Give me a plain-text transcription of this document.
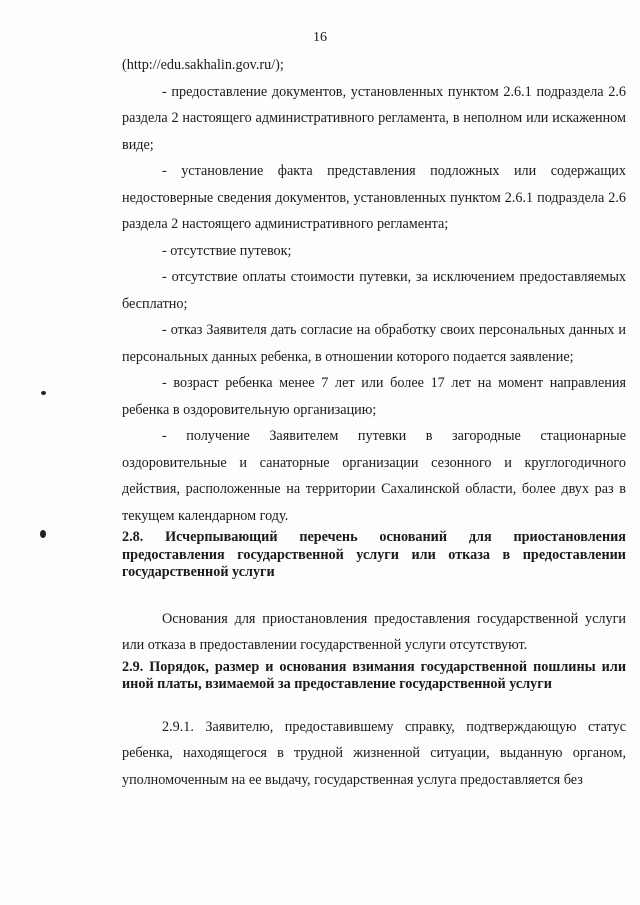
16

(http://edu.sakhalin.gov.ru/);

- предоставление документов, установленных пунктом 2.6.1 подраздела 2.6 раздела 2 настоящего административного регламента, в неполном или искаженном виде;

- установление факта представления подложных или содержащих недостоверные сведения документов, установленных пунктом 2.6.1 подраздела 2.6 раздела 2 настоящего административного регламента;

- отсутствие путевок;

- отсутствие оплаты стоимости путевки, за исключением предоставляемых бесплатно;

- отказ Заявителя дать согласие на обработку своих персональных данных и персональных данных ребенка, в отношении которого подается заявление;

- возраст ребенка менее 7 лет или более 17 лет на момент направления ребенка в оздоровительную организацию;

- получение Заявителем путевки в загородные стационарные оздоровительные и санаторные организации сезонного и круглогодичного действия, расположенные на территории Сахалинской области, более двух раз в текущем календарном году.

2.8. Исчерпывающий перечень оснований для приостановления предоставления государственной услуги или отказа в предоставлении государственной услуги

Основания для приостановления предоставления государственной услуги или отказа в предоставлении государственной услуги отсутствуют.

2.9. Порядок, размер и основания взимания государственной пошлины или иной платы, взимаемой за предоставление государственной услуги

2.9.1. Заявителю, предоставившему справку, подтверждающую статус ребенка, находящегося в трудной жизненной ситуации, выданную органом, уполномоченным на ее выдачу, государственная услуга предоставляется без
